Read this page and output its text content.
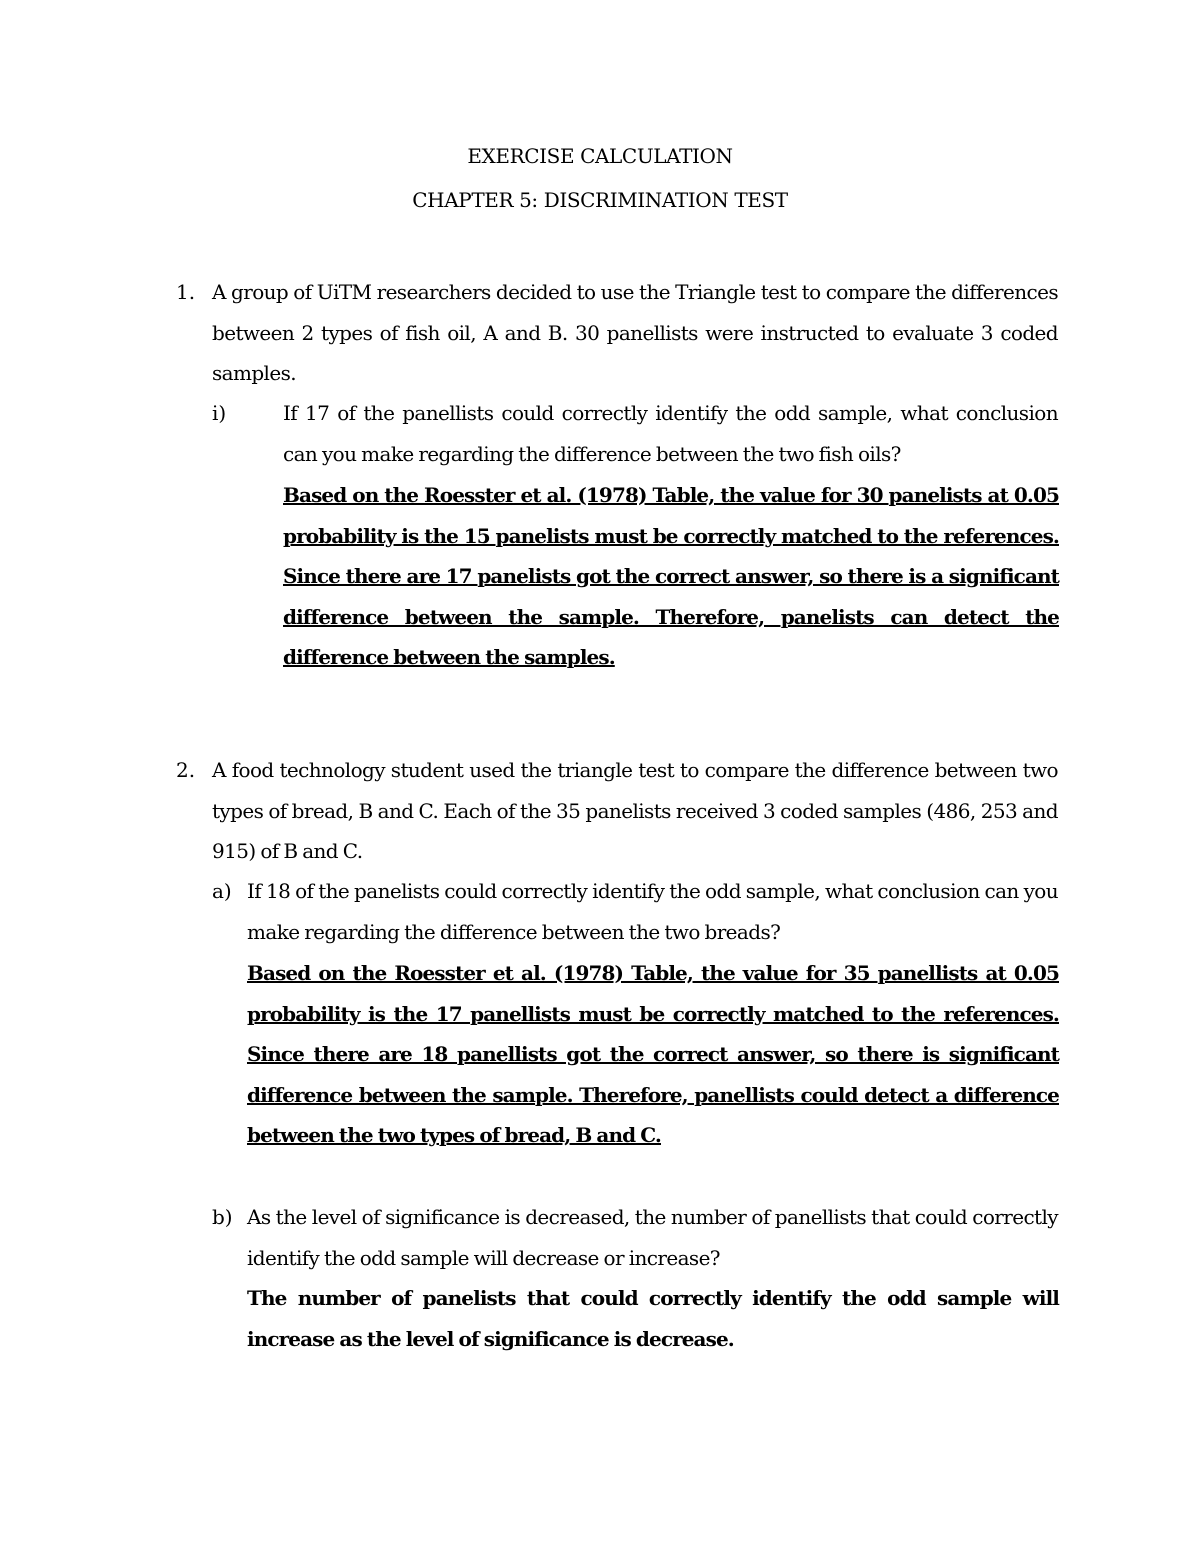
EXERCISE CALCULATION
CHAPTER 5: DISCRIMINATION TEST
1. A group of UiTM researchers decided to use the Triangle test to compare the differences between 2 types of fish oil, A and B. 30 panellists were instructed to evaluate 3 coded samples.
i)	If 17 of the panellists could correctly identify the odd sample, what conclusion can you make regarding the difference between the two fish oils?
Based on the Roesster et al. (1978) Table, the value for 30 panelists at 0.05 probability is the 15 panelists must be correctly matched to the references. Since there are 17 panelists got the correct answer, so there is a significant difference between the sample. Therefore, panelists can detect the difference between the samples.
2. A food technology student used the triangle test to compare the difference between two types of bread, B and C. Each of the 35 panelists received 3 coded samples (486, 253 and 915) of B and C.
a) If 18 of the panelists could correctly identify the odd sample, what conclusion can you make regarding the difference between the two breads?
Based on the Roesster et al. (1978) Table, the value for 35 panellists at 0.05 probability is the 17 panellists must be correctly matched to the references. Since there are 18 panellists got the correct answer, so there is significant difference between the sample. Therefore, panellists could detect a difference between the two types of bread, B and C.
b) As the level of significance is decreased, the number of panellists that could correctly identify the odd sample will decrease or increase?
The number of panelists that could correctly identify the odd sample will increase as the level of significance is decrease.
